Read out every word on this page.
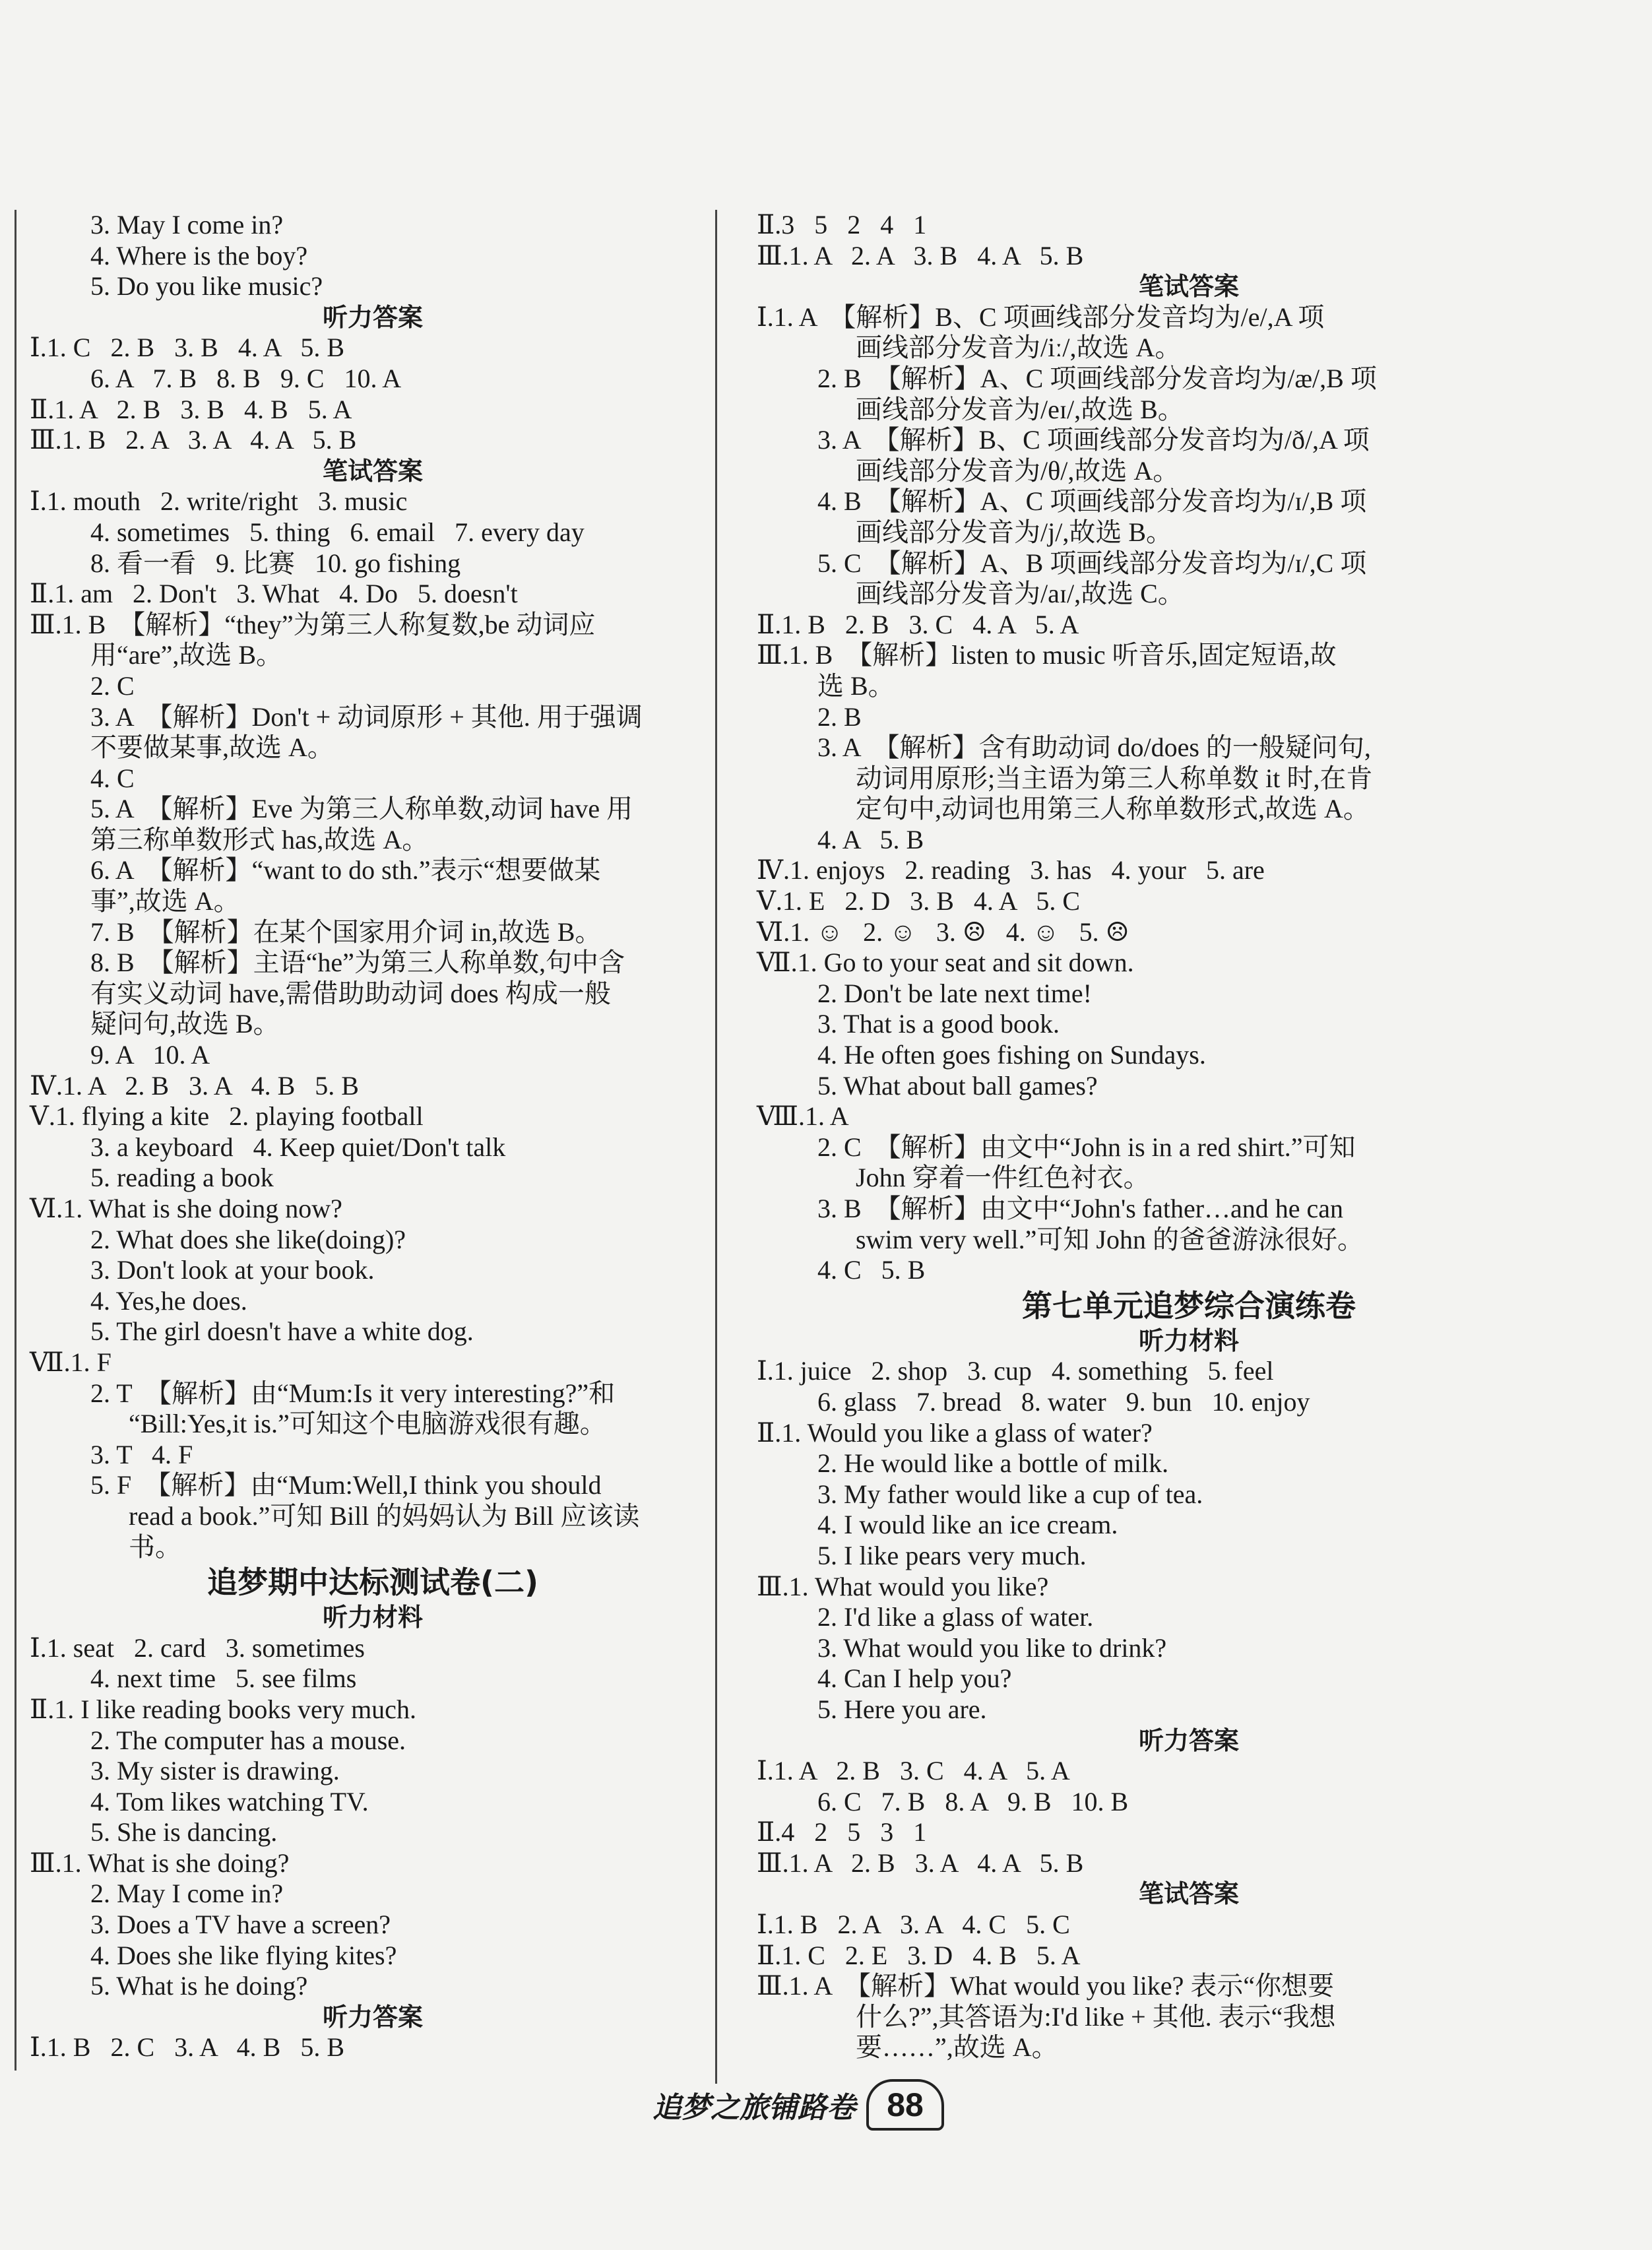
3. May I come in?
4. Where is the boy?
5. Do you like music?
听力答案
Ⅰ.1. C   2. B   3. B   4. A   5. B
6. A   7. B   8. B   9. C   10. A
Ⅱ.1. A   2. B   3. B   4. B   5. A
Ⅲ.1. B   2. A   3. A   4. A   5. B
笔试答案
Ⅰ.1. mouth   2. write/right   3. music
4. sometimes   5. thing   6. email   7. every day
8. 看一看   9. 比赛   10. go fishing
Ⅱ.1. am   2. Don't   3. What   4. Do   5. doesn't
Ⅲ.1. B  【解析】“they”为第三人称复数,be 动词应
用“are”,故选 B。
2. C
3. A  【解析】Don't + 动词原形 + 其他. 用于强调
不要做某事,故选 A。
4. C
5. A  【解析】Eve 为第三人称单数,动词 have 用
第三称单数形式 has,故选 A。
6. A  【解析】“want to do sth.”表示“想要做某
事”,故选 A。
7. B  【解析】在某个国家用介词 in,故选 B。
8. B  【解析】主语“he”为第三人称单数,句中含
有实义动词 have,需借助助动词 does 构成一般
疑问句,故选 B。
9. A   10. A
Ⅳ.1. A   2. B   3. A   4. B   5. B
Ⅴ.1. flying a kite   2. playing football
3. a keyboard   4. Keep quiet/Don't talk
5. reading a book
Ⅵ.1. What is she doing now?
2. What does she like(doing)?
3. Don't look at your book.
4. Yes,he does.
5. The girl doesn't have a white dog.
Ⅶ.1. F
2. T  【解析】由“Mum:Is it very interesting?”和
“Bill:Yes,it is.”可知这个电脑游戏很有趣。
3. T   4. F
5. F  【解析】由“Mum:Well,I think you should
read a book.”可知 Bill 的妈妈认为 Bill 应该读
书。
追梦期中达标测试卷(二)
听力材料
Ⅰ.1. seat   2. card   3. sometimes
4. next time   5. see films
Ⅱ.1. I like reading books very much.
2. The computer has a mouse.
3. My sister is drawing.
4. Tom likes watching TV.
5. She is dancing.
Ⅲ.1. What is she doing?
2. May I come in?
3. Does a TV have a screen?
4. Does she like flying kites?
5. What is he doing?
听力答案
Ⅰ.1. B   2. C   3. A   4. B   5. B
Ⅱ.3   5   2   4   1
Ⅲ.1. A   2. A   3. B   4. A   5. B
笔试答案
Ⅰ.1. A  【解析】B、C 项画线部分发音均为/e/,A 项
画线部分发音为/iː/,故选 A。
2. B  【解析】A、C 项画线部分发音均为/æ/,B 项
画线部分发音为/eɪ/,故选 B。
3. A  【解析】B、C 项画线部分发音均为/ð/,A 项
画线部分发音为/θ/,故选 A。
4. B  【解析】A、C 项画线部分发音均为/ɪ/,B 项
画线部分发音为/j/,故选 B。
5. C  【解析】A、B 项画线部分发音均为/ɪ/,C 项
画线部分发音为/aɪ/,故选 C。
Ⅱ.1. B   2. B   3. C   4. A   5. A
Ⅲ.1. B  【解析】listen to music 听音乐,固定短语,故
选 B。
2. B
3. A  【解析】含有助动词 do/does 的一般疑问句,
动词用原形;当主语为第三人称单数 it 时,在肯
定句中,动词也用第三人称单数形式,故选 A。
4. A   5. B
Ⅳ.1. enjoys   2. reading   3. has   4. your   5. are
Ⅴ.1. E   2. D   3. B   4. A   5. C
Ⅵ.1. ☺   2. ☺   3. ☹   4. ☺   5. ☹
Ⅶ.1. Go to your seat and sit down.
2. Don't be late next time!
3. That is a good book.
4. He often goes fishing on Sundays.
5. What about ball games?
Ⅷ.1. A
2. C  【解析】由文中“John is in a red shirt.”可知
John 穿着一件红色衬衣。
3. B  【解析】由文中“John's father…and he can
swim very well.”可知 John 的爸爸游泳很好。
4. C   5. B
第七单元追梦综合演练卷
听力材料
Ⅰ.1. juice   2. shop   3. cup   4. something   5. feel
6. glass   7. bread   8. water   9. bun   10. enjoy
Ⅱ.1. Would you like a glass of water?
2. He would like a bottle of milk.
3. My father would like a cup of tea.
4. I would like an ice cream.
5. I like pears very much.
Ⅲ.1. What would you like?
2. I'd like a glass of water.
3. What would you like to drink?
4. Can I help you?
5. Here you are.
听力答案
Ⅰ.1. A   2. B   3. C   4. A   5. A
6. C   7. B   8. A   9. B   10. B
Ⅱ.4   2   5   3   1
Ⅲ.1. A   2. B   3. A   4. A   5. B
笔试答案
Ⅰ.1. B   2. A   3. A   4. C   5. C
Ⅱ.1. C   2. E   3. D   4. B   5. A
Ⅲ.1. A  【解析】What would you like? 表示“你想要
什么?”,其答语为:I'd like + 其他. 表示“我想
要……”,故选 A。
追梦之旅铺路卷 88
